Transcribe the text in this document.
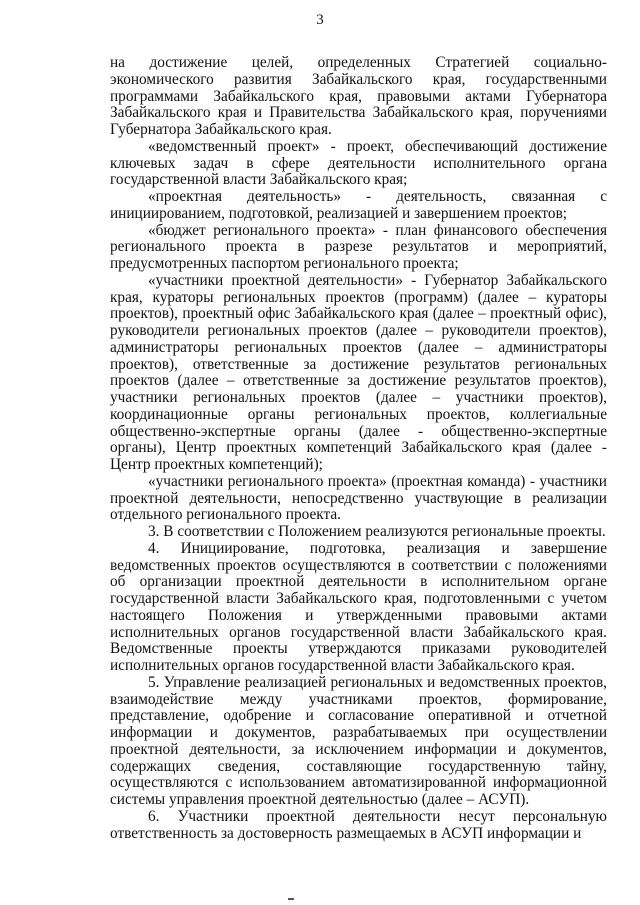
3

на достижение целей, определенных Стратегией социально-экономического развития Забайкальского края, государственными программами Забайкальского края, правовыми актами Губернатора Забайкальского края и Правительства Забайкальского края, поручениями Губернатора Забайкальского края.

«ведомственный проект» - проект, обеспечивающий достижение ключевых задач в сфере деятельности исполнительного органа государственной власти Забайкальского края;

«проектная деятельность» - деятельность, связанная с инициированием, подготовкой, реализацией и завершением проектов;

«бюджет регионального проекта» - план финансового обеспечения регионального проекта в разрезе результатов и мероприятий, предусмотренных паспортом регионального проекта;

«участники проектной деятельности» - Губернатор Забайкальского края, кураторы региональных проектов (программ) (далее – кураторы проектов), проектный офис Забайкальского края (далее – проектный офис), руководители региональных проектов (далее – руководители проектов), администраторы региональных проектов (далее – администраторы проектов), ответственные за достижение результатов региональных проектов (далее – ответственные за достижение результатов проектов), участники региональных проектов (далее – участники проектов), координационные органы региональных проектов, коллегиальные общественно-экспертные органы (далее - общественно-экспертные органы), Центр проектных компетенций Забайкальского края (далее - Центр проектных компетенций);

«участники регионального проекта» (проектная команда) - участники проектной деятельности, непосредственно участвующие в реализации отдельного регионального проекта.

3. В соответствии с Положением реализуются региональные проекты.

4. Инициирование, подготовка, реализация и завершение ведомственных проектов осуществляются в соответствии с положениями об организации проектной деятельности в исполнительном органе государственной власти Забайкальского края, подготовленными с учетом настоящего Положения и утвержденными правовыми актами исполнительных органов государственной власти Забайкальского края. Ведомственные проекты утверждаются приказами руководителей исполнительных органов государственной власти Забайкальского края.

5. Управление реализацией региональных и ведомственных проектов, взаимодействие между участниками проектов, формирование, представление, одобрение и согласование оперативной и отчетной информации и документов, разрабатываемых при осуществлении проектной деятельности, за исключением информации и документов, содержащих сведения, составляющие государственную тайну, осуществляются с использованием автоматизированной информационной системы управления проектной деятельностью (далее – АСУП).

6. Участники проектной деятельности несут персональную ответственность за достоверность размещаемых в АСУП информации и
